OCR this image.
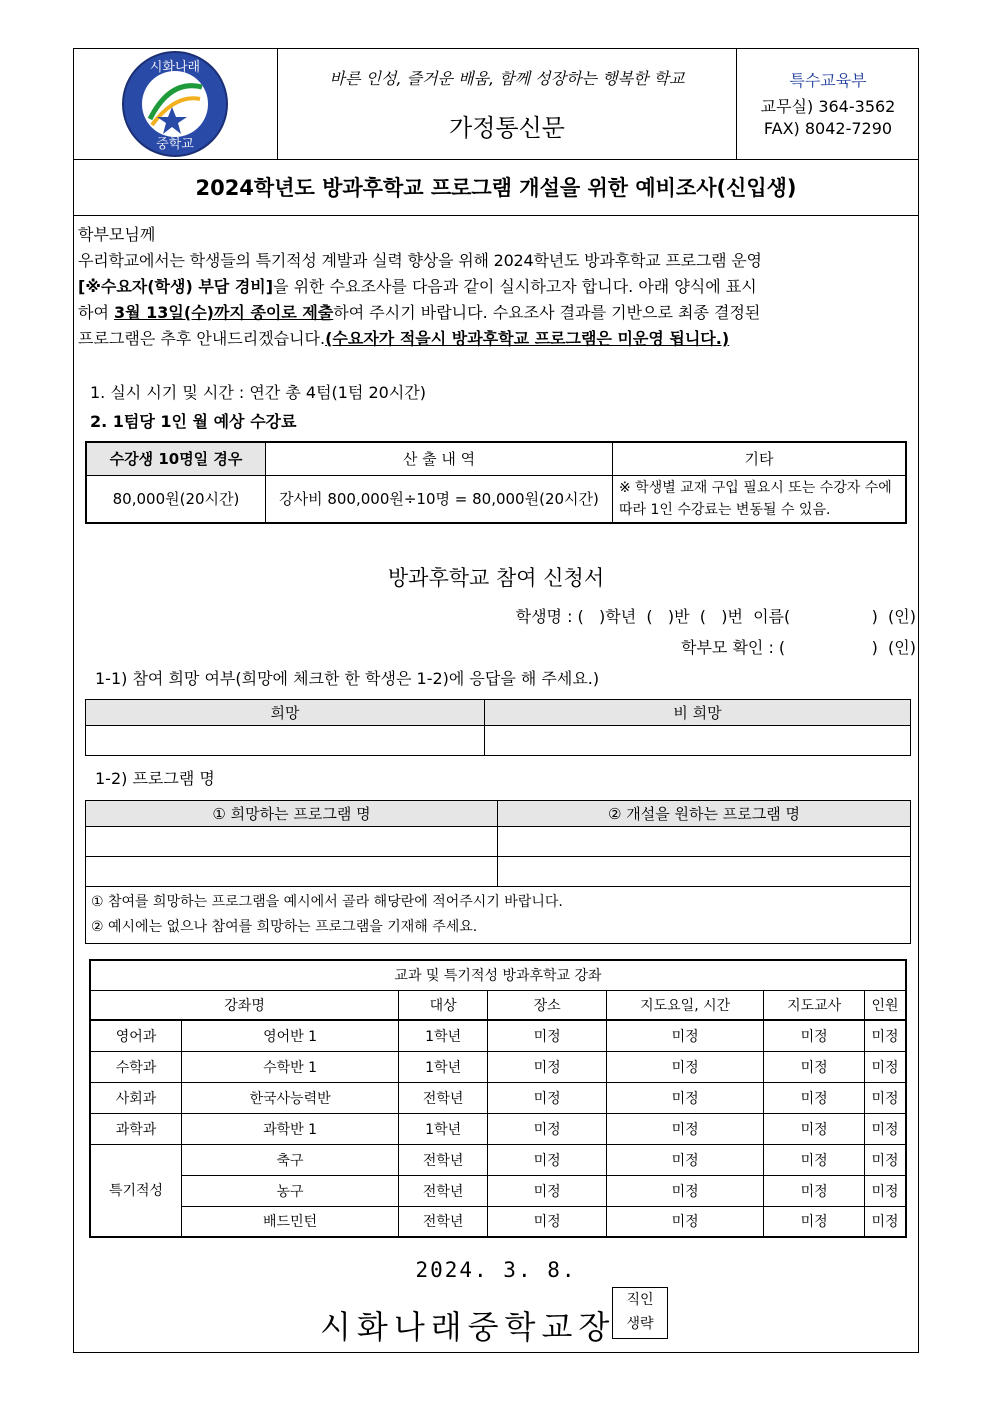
시화나래
중학교
바른 인성, 즐거운 배움, 함께 성장하는 행복한 학교
가정통신문
특수교육부
교무실) 364-3562
FAX) 8042-7290
2024학년도 방과후학교 프로그램 개설을 위한 예비조사(신입생)
학부모님께
우리학교에서는 학생들의 특기적성 계발과 실력 향상을 위해 2024학년도 방과후학교 프로그램 운영
[※수요자(학생) 부담 경비]을 위한 수요조사를 다음과 같이 실시하고자 합니다. 아래 양식에 표시
하여 3월 13일(수)까지 종이로 제출하여 주시기 바랍니다. 수요조사 결과를 기반으로 최종 결정된
프로그램은 추후 안내드리겠습니다.(수요자가 적을시 방과후학교 프로그램은 미운영 됩니다.)
1. 실시 시기 및 시간 : 연간 총 4텀(1텀 20시간)
2. 1텀당 1인 월 예상 수강료
수강생 10명일 경우	산 출 내 역	기타
80,000원(20시간)	강사비 800,000원÷10명 = 80,000원(20시간)	※ 학생별 교재 구입 필요시 또는 수강자 수에 따라 1인 수강료는 변동될 수 있음.
방과후학교 참여 신청서
학생명 : (   )학년  (   )반  (   )번  이름(                )  (인)
학부모 확인 : (                 )  (인)
1-1) 참여 희망 여부(희망에 체크한 한 학생은 1-2)에 응답을 해 주세요.)
희망	비 희망

1-2) 프로그램 명
① 희망하는 프로그램 명	② 개설을 원하는 프로그램 명

① 참여를 희망하는 프로그램을 예시에서 골라 해당란에 적어주시기 바랍니다.
② 예시에는 없으나 참여를 희망하는 프로그램을 기재해 주세요.	
교과 및 특기적성 방과후학교 강좌						
강좌명		대상	장소	지도요일, 시간	지도교사	인원
영어과	영어반 1	1학년	미정	미정	미정	미정
수학과	수학반 1	1학년	미정	미정	미정	미정
사회과	한국사능력반	전학년	미정	미정	미정	미정
과학과	과학반 1	1학년	미정	미정	미정	미정
특기적성	축구	전학년	미정	미정	미정	미정
	농구	전학년	미정	미정	미정	미정
	배드민턴	전학년	미정	미정	미정	미정
2024. 3. 8.
시화나래중학교장
직인
생략
